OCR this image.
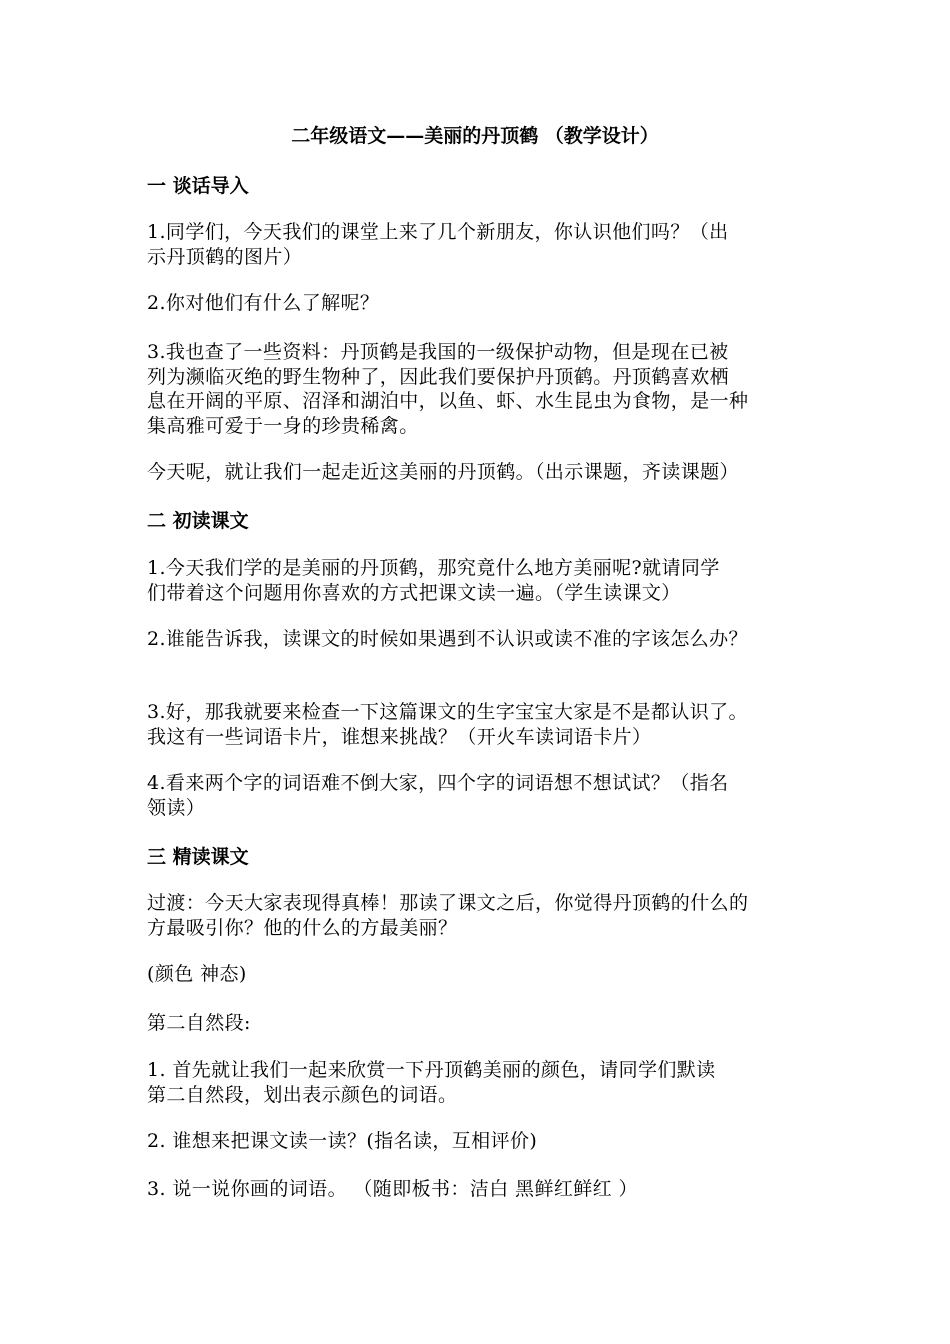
二年级语文——美丽的丹顶鹤 （教学设计）
一 谈话导入
1.同学们，今天我们的课堂上来了几个新朋友，你认识他们吗？（出
示丹顶鹤的图片）
2.你对他们有什么了解呢？
3.我也查了一些资料：丹顶鹤是我国的一级保护动物，但是现在已被
列为濒临灭绝的野生物种了，因此我们要保护丹顶鹤。丹顶鹤喜欢栖
息在开阔的平原、沼泽和湖泊中，以鱼、虾、水生昆虫为食物，是一种
集高雅可爱于一身的珍贵稀禽。
今天呢，就让我们一起走近这美丽的丹顶鹤。（出示课题，齐读课题）
二 初读课文
1.今天我们学的是美丽的丹顶鹤，那究竟什么地方美丽呢?就请同学
们带着这个问题用你喜欢的方式把课文读一遍。（学生读课文）
2.谁能告诉我，读课文的时候如果遇到不认识或读不准的字该怎么办？
3.好，那我就要来检查一下这篇课文的生字宝宝大家是不是都认识了。
我这有一些词语卡片，谁想来挑战？（开火车读词语卡片）
4.看来两个字的词语难不倒大家，四个字的词语想不想试试？（指名
领读）
三 精读课文
过渡：今天大家表现得真棒！那读了课文之后，你觉得丹顶鹤的什么的
方最吸引你？他的什么的方最美丽？
(颜色 神态)
第二自然段:
1. 首先就让我们一起来欣赏一下丹顶鹤美丽的颜色，请同学们默读
第二自然段，划出表示颜色的词语。
2. 谁想来把课文读一读？(指名读，互相评价)
3. 说一说你画的词语。 （随即板书：洁白 黑鲜红鲜红 ）
